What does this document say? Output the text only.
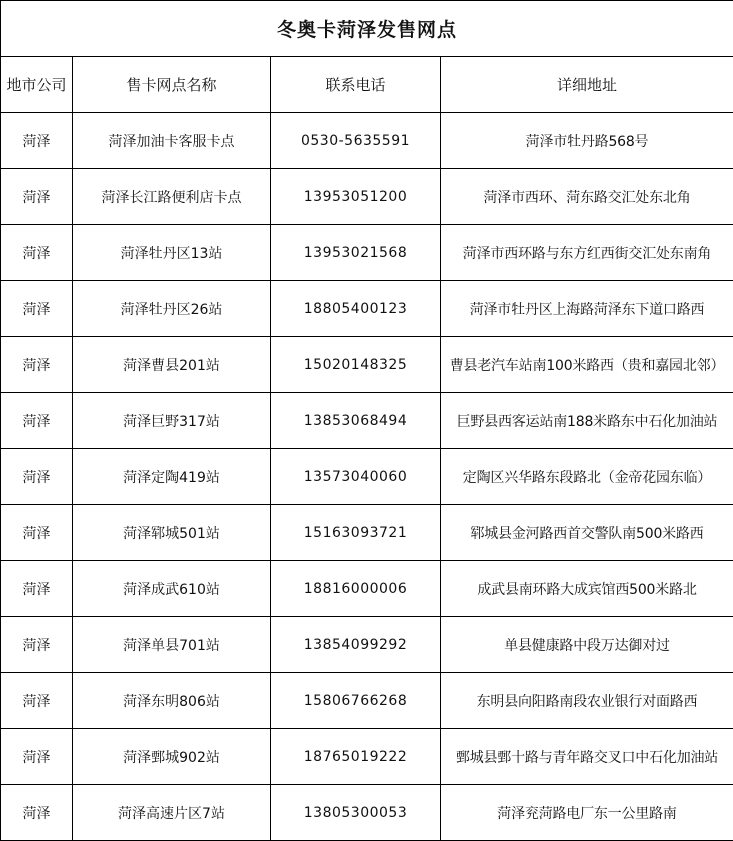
冬奥卡菏泽发售网点			
地市公司	售卡网点名称	联系电话	详细地址
菏泽	菏泽加油卡客服卡点	0530-5635591	菏泽市牡丹路568号
菏泽	菏泽长江路便利店卡点	13953051200	菏泽市西环、菏东路交汇处东北角
菏泽	菏泽牡丹区13站	13953021568	菏泽市西环路与东方红西街交汇处东南角
菏泽	菏泽牡丹区26站	18805400123	菏泽市牡丹区上海路菏泽东下道口路西
菏泽	菏泽曹县201站	15020148325	曹县老汽车站南100米路西（贵和嘉园北邻）
菏泽	菏泽巨野317站	13853068494	巨野县西客运站南188米路东中石化加油站
菏泽	菏泽定陶419站	13573040060	定陶区兴华路东段路北（金帝花园东临）
菏泽	菏泽郓城501站	15163093721	郓城县金河路西首交警队南500米路西
菏泽	菏泽成武610站	18816000006	成武县南环路大成宾馆西500米路北
菏泽	菏泽单县701站	13854099292	单县健康路中段万达御对过
菏泽	菏泽东明806站	15806766268	东明县向阳路南段农业银行对面路西
菏泽	菏泽鄄城902站	18765019222	鄄城县鄄十路与青年路交叉口中石化加油站
菏泽	菏泽高速片区7站	13805300053	菏泽兖菏路电厂东一公里路南
